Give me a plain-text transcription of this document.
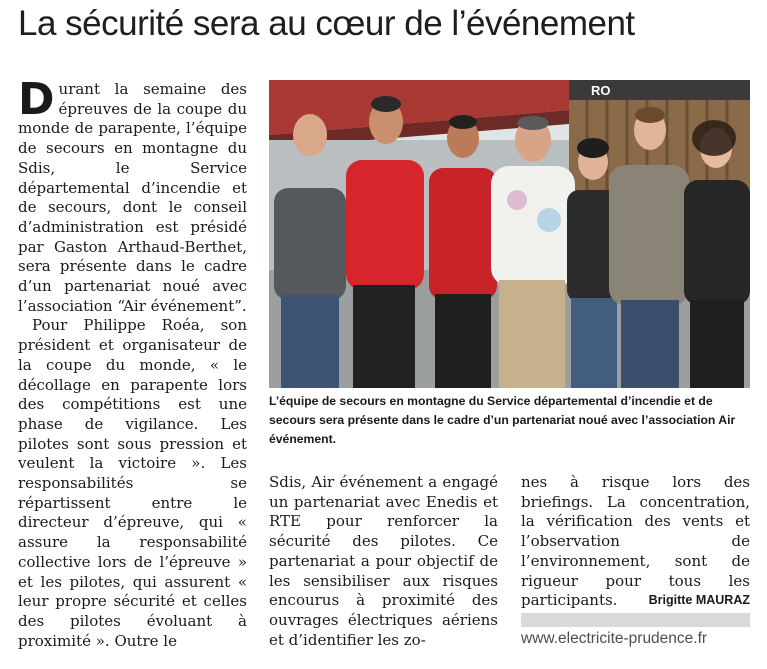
La sécurité sera au cœur de l’événement

Durant la semaine des épreuves de la coupe du monde de parapente, l’équipe de secours en montagne du Sdis, le Service départemental d’incendie et de secours, dont le conseil d’administration est présidé par Gaston Arthaud-Berthet, sera présente dans le cadre d’un partenariat noué avec l’association “Air événement”.

Pour Philippe Roéa, son président et organisateur de la coupe du monde, « le décollage en parapente lors des compétitions est une phase de vigilance. Les pilotes sont sous pression et veulent la victoire ». Les responsabilités se répartissent entre le directeur d’épreuve, qui « assure la responsabilité collective lors de l’épreuve » et les pilotes, qui assurent « leur propre sécurité et celles des pilotes évoluant à proximité ». Outre le

RO

L’équipe de secours en montagne du Service départemental d’incendie et de secours sera présente dans le cadre d’un partenariat noué avec l’association Air événement.

Sdis, Air événement a engagé un partenariat avec Enedis et RTE pour renforcer la sécurité des pilotes. Ce partenariat a pour objectif de les sensibiliser aux risques encourus à proximité des ouvrages électriques aériens et d’identifier les zo-

nes à risque lors des briefings. La concentration, la vérification des vents et l’observation de l’environnement, sont de rigueur pour tous les participants.	Brigitte MAURAZ
www.electricite-prudence.fr
